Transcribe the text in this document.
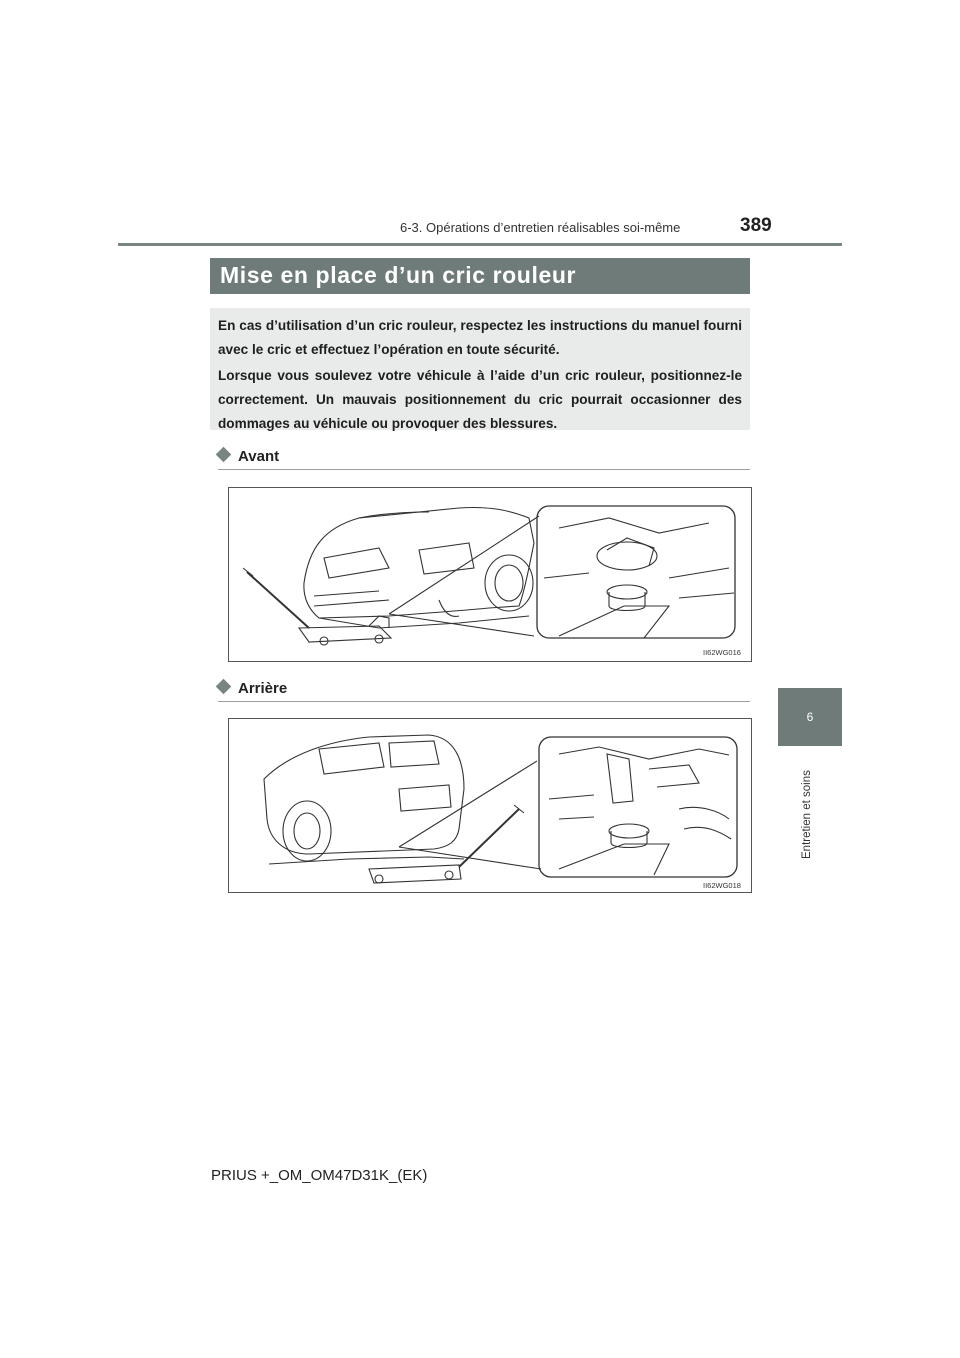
6-3. Opérations d’entretien réalisables soi-même	389
6
Entretien et soins
Mise en place d’un cric rouleur

En cas d’utilisation d’un cric rouleur, respectez les instructions du manuel fourni avec le cric et effectuez l’opération en toute sécurité.

Lorsque vous soulevez votre véhicule à l’aide d’un cric rouleur, positionnez-le correctement. Un mauvais positionnement du cric pourrait occasionner des dommages au véhicule ou provoquer des blessures.

Avant
II62WG016
Arrière
II62WG018
PRIUS +_OM_OM47D31K_(EK)
